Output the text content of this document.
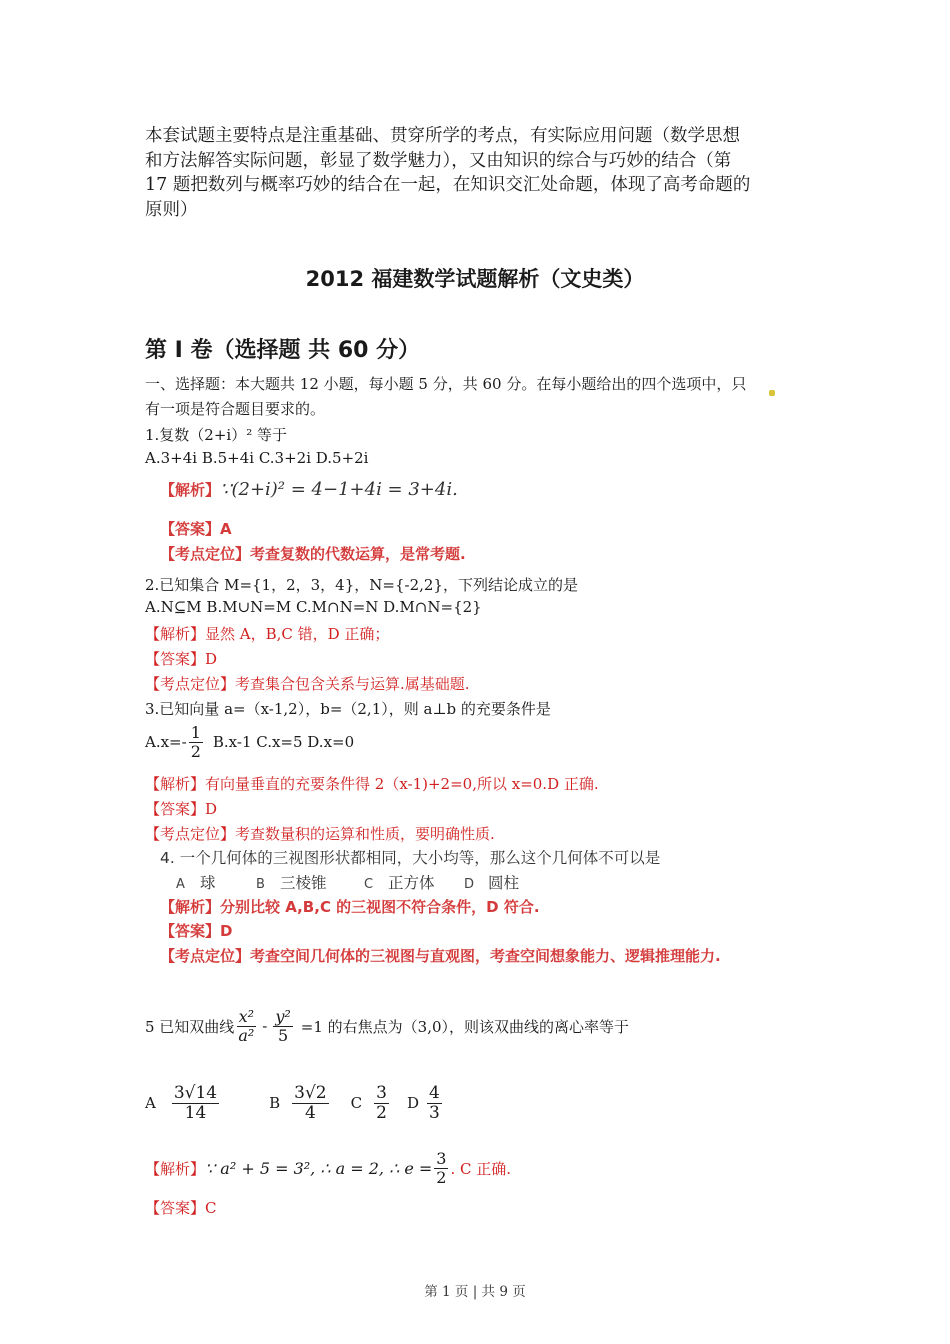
本套试题主要特点是注重基础、贯穿所学的考点，有实际应用问题（数学思想
和方法解答实际问题，彰显了数学魅力），又由知识的综合与巧妙的结合（第
17 题把数列与概率巧妙的结合在一起，在知识交汇处命题，体现了高考命题的
原则）
2012 福建数学试题解析（文史类）
第 I 卷（选择题 共 60 分）
一、选择题：本大题共 12 小题，每小题 5 分，共 60 分。在每小题给出的四个选项中，只
有一项是符合题目要求的。
1.复数（2+i）² 等于
A.3+4i B.5+4i C.3+2i D.5+2i
【解析】∵(2+i)² = 4−1+4i = 3+4i.
【答案】A
【考点定位】考查复数的代数运算，是常考题.
2.已知集合 M={1，2，3，4}，N={-2,2}，下列结论成立的是
A.N⊆M B.M∪N=M C.M∩N=N D.M∩N={2}
【解析】显然 A，B,C 错，D 正确；
【答案】D
【考点定位】考查集合包含关系与运算.属基础题.
3.已知向量 a=（x-1,2），b=（2,1），则 a⊥b 的充要条件是
$A.x=- \frac{1}{2} B.x-1$ C.x=5 D.x=0
【解析】有向量垂直的充要条件得 2（x-1)+2=0,所以 x=0.D 正确.
【答案】D
【考点定位】考查数量积的运算和性质，要明确性质.
4. 一个几何体的三视图形状都相同，大小均等，那么这个几何体不可以是
A 球	B 三棱锥	C 正方体	D 圆柱
【解析】分别比较 A,B,C 的三视图不符合条件，D 符合.
【答案】D
【考点定位】考查空间几何体的三视图与直观图，考查空间想象能力、逻辑推理能力.
5 已知双曲线 $\frac{\text{x²}}{\text{a²}} - \frac{\text{y²}}{5} =1$ 的右焦点为（3,0），则该双曲线的离心率等于
A $\frac{3√14}{14}$	B $\frac{3√2}{4}$ C $\frac{3}{2}$ D $\frac{4}{3}$
【解析】 ∵ a² + 5 = 3², ∴ a = 2, ∴ $e = \frac{3}{2}$ . C 正确.
【答案】C
第 1 页 | 共 9 页
